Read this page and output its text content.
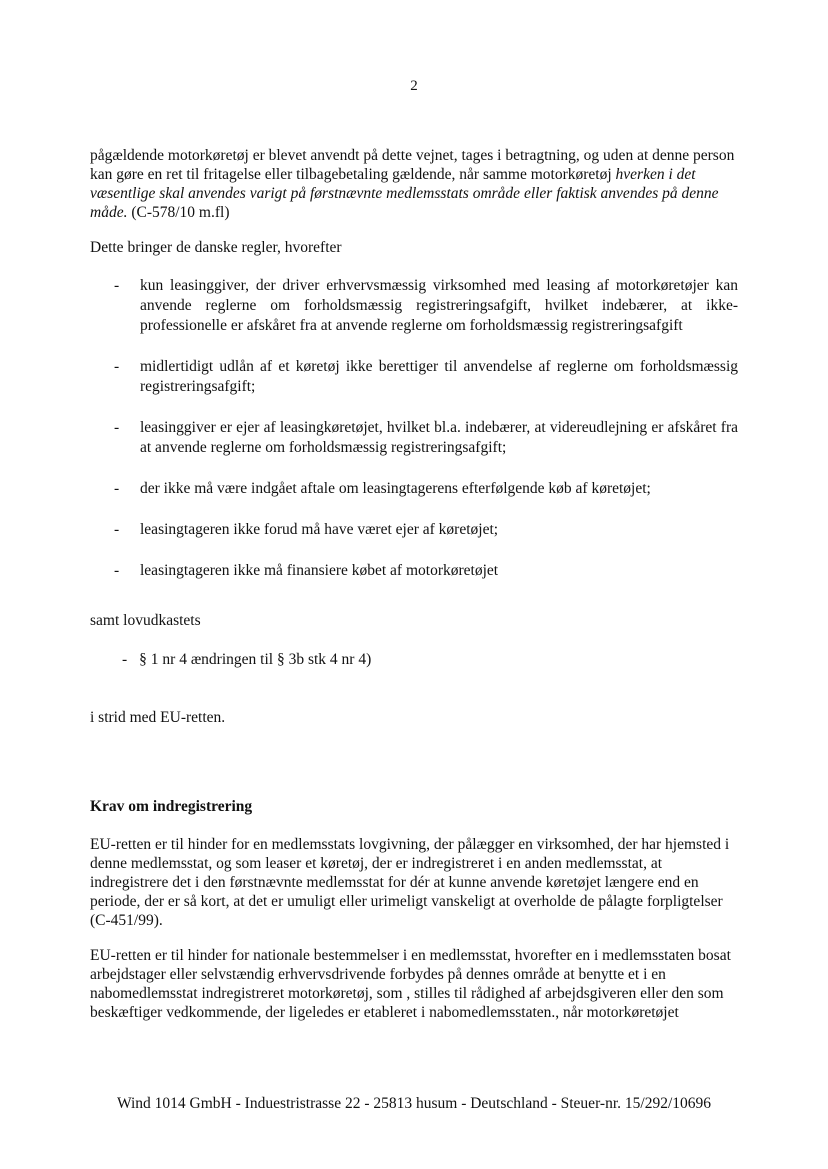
2

pågældende motorkøretøj er blevet anvendt på dette vejnet, tages i betragtning, og uden at denne person kan gøre en ret til fritagelse eller tilbagebetaling gældende, når samme motorkøretøj hverken i det væsentlige skal anvendes varigt på førstnævnte medlemsstats område eller faktisk anvendes på denne måde. (C-578/10 m.fl)

Dette bringer de danske regler, hvorefter

- kun leasinggiver, der driver erhvervsmæssig virksomhed med leasing af motorkøretøjer kan anvende reglerne om forholdsmæssig registreringsafgift, hvilket indebærer, at ikke-professionelle er afskåret fra at anvende reglerne om forholdsmæssig registreringsafgift
- midlertidigt udlån af et køretøj ikke berettiger til anvendelse af reglerne om forholdsmæssig registreringsafgift;
- leasinggiver er ejer af leasingkøretøjet, hvilket bl.a. indebærer, at videreudlejning er afskåret fra at anvende reglerne om forholdsmæssig registreringsafgift;
- der ikke må være indgået aftale om leasingtagerens efterfølgende køb af køretøjet;
- leasingtageren ikke forud må have været ejer af køretøjet;
- leasingtageren ikke må finansiere købet af motorkøretøjet

samt lovudkastets

- § 1 nr 4 ændringen til § 3b stk 4 nr 4)

i strid med EU-retten.

Krav om indregistrering

EU-retten er til hinder for en medlemsstats lovgivning, der pålægger en virksomhed, der har hjemsted i denne medlemsstat, og som leaser et køretøj, der er indregistreret i en anden medlemsstat, at indregistrere det i den førstnævnte medlemsstat for dér at kunne anvende køretøjet længere end en periode, der er så kort, at det er umuligt eller urimeligt vanskeligt at overholde de pålagte forpligtelser (C-451/99).

EU-retten er til hinder for nationale bestemmelser i en medlemsstat, hvorefter en i medlemsstaten bosat arbejdstager eller selvstændig erhvervsdrivende forbydes på dennes område at benytte et i en nabomedlemsstat indregistreret motorkøretøj, som , stilles til rådighed af arbejdsgiveren eller den som beskæftiger vedkommende, der ligeledes er etableret i nabomedlemsstaten., når motorkøretøjet

Wind 1014 GmbH - Induestristrasse 22 - 25813 husum - Deutschland - Steuer-nr. 15/292/10696
